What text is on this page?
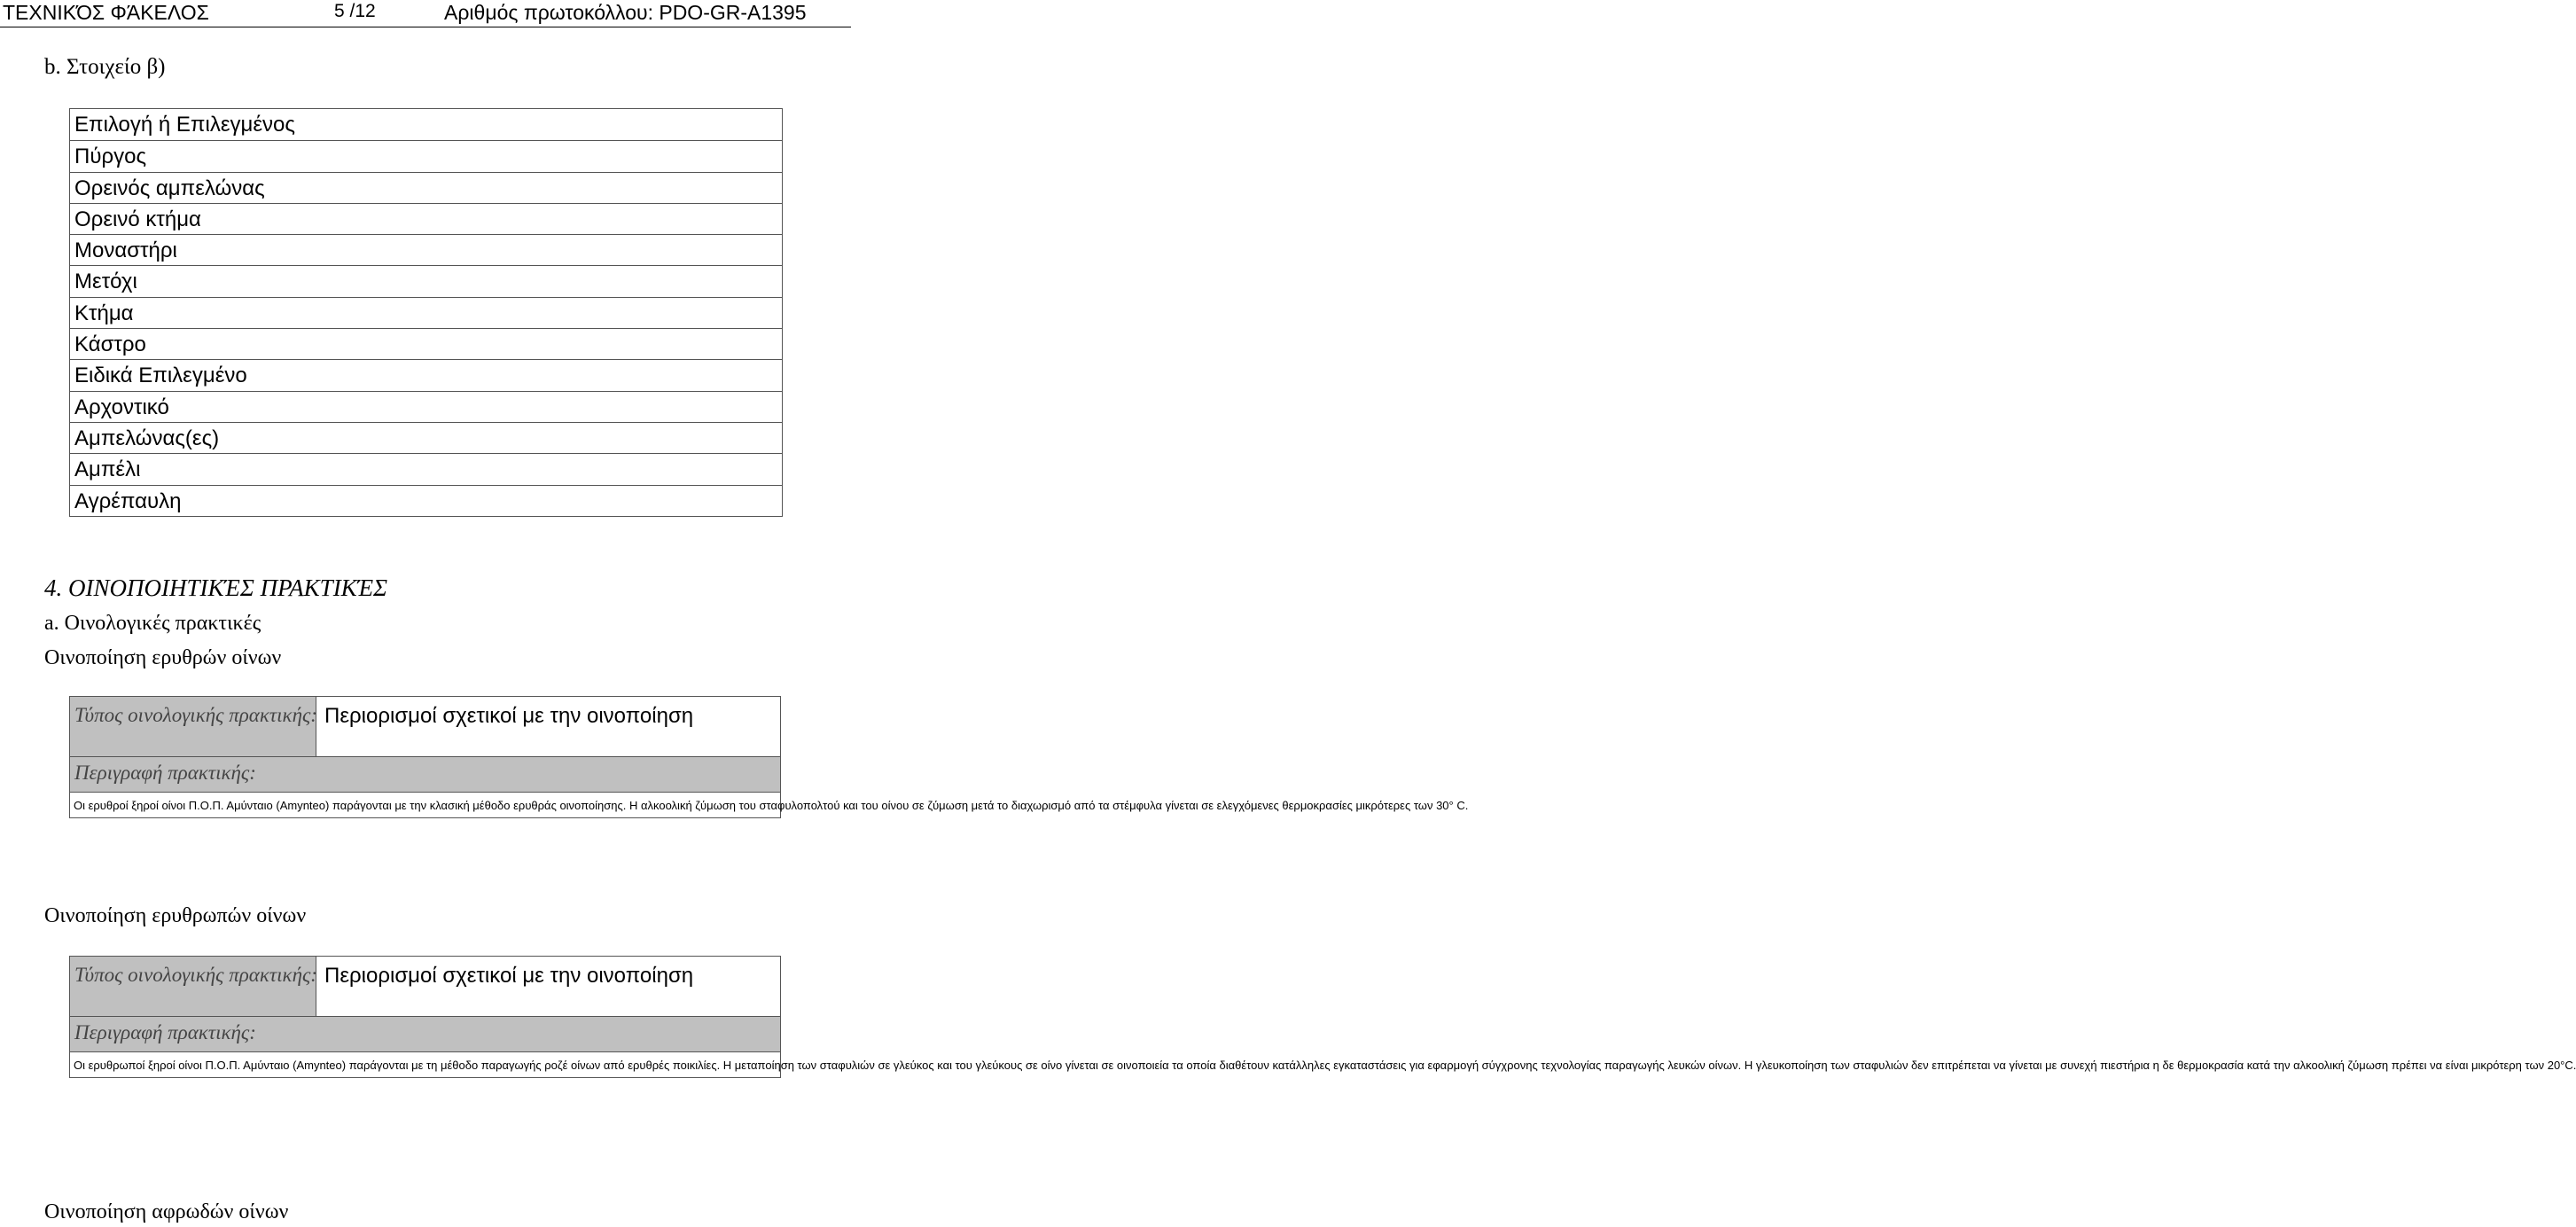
ΤΕΧΝΙΚΌΣ ΦΆΚΕΛΟΣ	5 /12	Αριθμός πρωτοκόλλου: PDO-GR-A1395
b. Στοιχείο β)
Επιλογή ή Επιλεγμένος
Πύργος
Ορεινός αμπελώνας
Ορεινό κτήμα
Μοναστήρι
Μετόχι
Κτήμα
Κάστρο
Ειδικά Επιλεγμένο
Αρχοντικό
Αμπελώνας(ες)
Αμπέλι
Αγρέπαυλη
4. ΟΙΝΟΠΟΙΗΤΙΚΈΣ ΠΡΑΚΤΙΚΈΣ
a. Οινολογικές πρακτικές
Οινοποίηση ερυθρών οίνων
Τύπος οινολογικής πρακτικής: Περιορισμοί σχετικοί με την οινοποίηση
Περιγραφή πρακτικής:
Οι ερυθροί ξηροί οίνοι Π.Ο.Π. Αμύνταιο (Amynteo) παράγονται με την κλασική μέθοδο ερυθράς οινοποίησης. Η αλκοολική ζύμωση του σταφυλοπολτού και του οίνου σε ζύμωση μετά το διαχωρισμό από τα στέμφυλα γίνεται σε ελεγχόμενες θερμοκρασίες μικρότερες των 30° C.
Οινοποίηση ερυθρωπών οίνων
Τύπος οινολογικής πρακτικής: Περιορισμοί σχετικοί με την οινοποίηση
Περιγραφή πρακτικής:
Οι ερυθρωποί ξηροί οίνοι Π.Ο.Π. Αμύνταιο (Amynteo) παράγονται με τη μέθοδο παραγωγής ροζέ οίνων από ερυθρές ποικιλίες. Η μεταποίηση των σταφυλιών σε γλεύκος και του γλεύκους σε οίνο γίνεται σε οινοποιεία τα οποία διαθέτουν κατάλληλες εγκαταστάσεις για εφαρμογή σύγχρονης τεχνολογίας παραγωγής λευκών οίνων. Η γλευκοποίηση των σταφυλιών δεν επιτρέπεται να γίνεται με συνεχή πιεστήρια η δε θερμοκρασία κατά την αλκοολική ζύμωση πρέπει να είναι μικρότερη των 20°C.
Οινοποίηση αφρωδών οίνων
